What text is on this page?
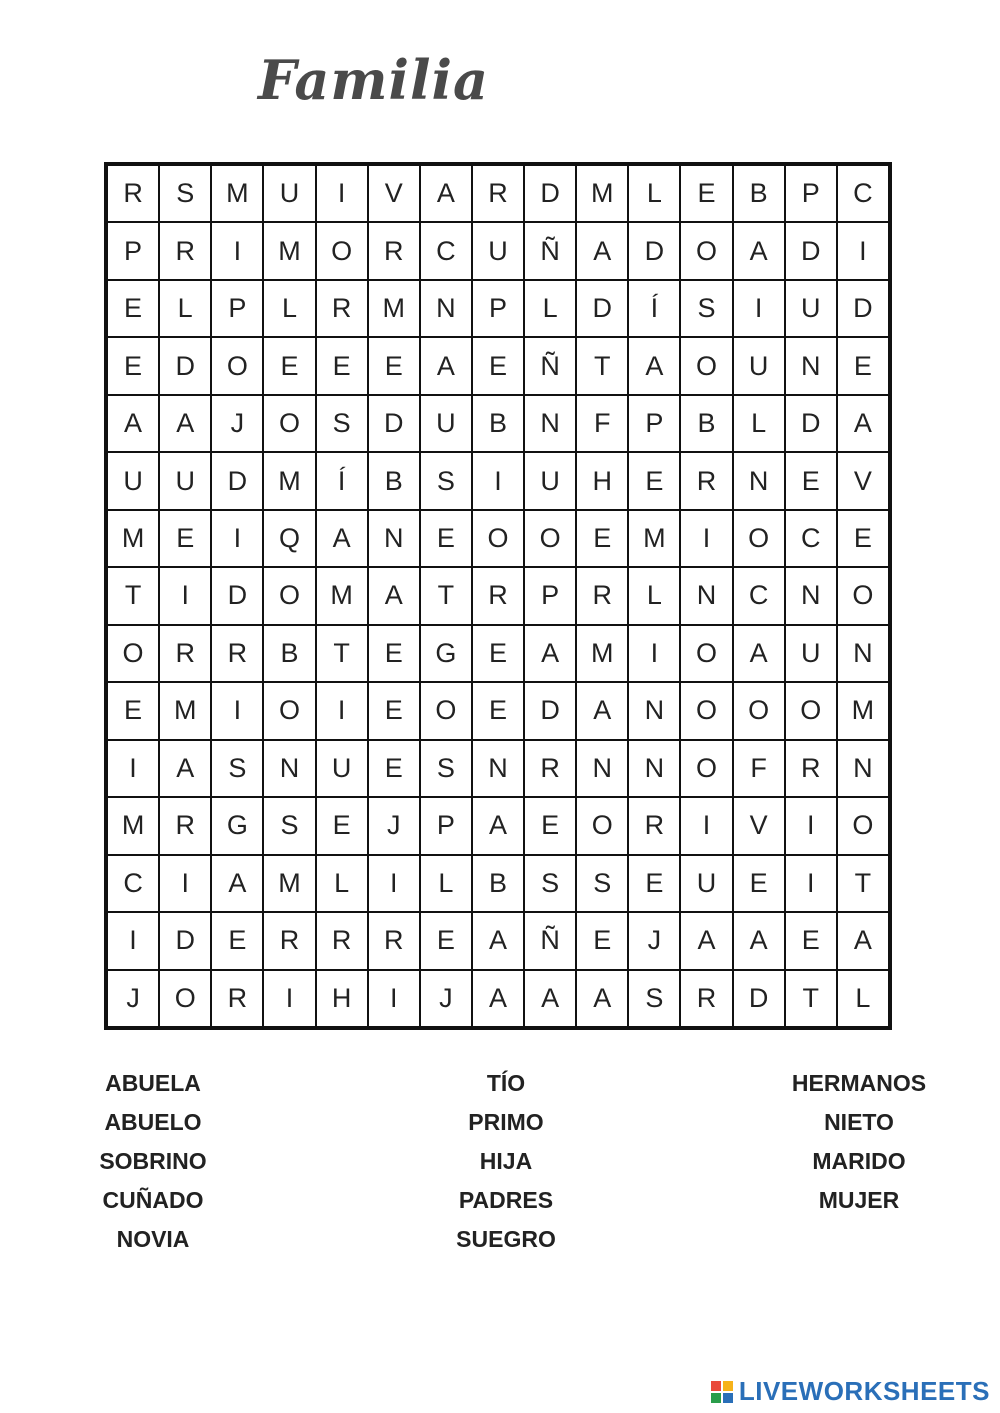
Familia
R	S	M	U	I	V	A	R	D	M	L	E	B	P	C
P	R	I	M	O	R	C	U	Ñ	A	D	O	A	D	I
E	L	P	L	R	M	N	P	L	D	Í	S	I	U	D
E	D	O	E	E	E	A	E	Ñ	T	A	O	U	N	E
A	A	J	O	S	D	U	B	N	F	P	B	L	D	A
U	U	D	M	Í	B	S	I	U	H	E	R	N	E	V
M	E	I	Q	A	N	E	O	O	E	M	I	O	C	E
T	I	D	O	M	A	T	R	P	R	L	N	C	N	O
O	R	R	B	T	E	G	E	A	M	I	O	A	U	N
E	M	I	O	I	E	O	E	D	A	N	O	O	O	M
I	A	S	N	U	E	S	N	R	N	N	O	F	R	N
M	R	G	S	E	J	P	A	E	O	R	I	V	I	O
C	I	A	M	L	I	L	B	S	S	E	U	E	I	T
I	D	E	R	R	R	E	A	Ñ	E	J	A	A	E	A
J	O	R	I	H	I	J	A	A	A	S	R	D	T	L
ABUELA
ABUELO
SOBRINO
CUÑADO
NOVIA
TÍO
PRIMO
HIJA
PADRES
SUEGRO
HERMANOS
NIETO
MARIDO
MUJER
LIVEWORKSHEETS
